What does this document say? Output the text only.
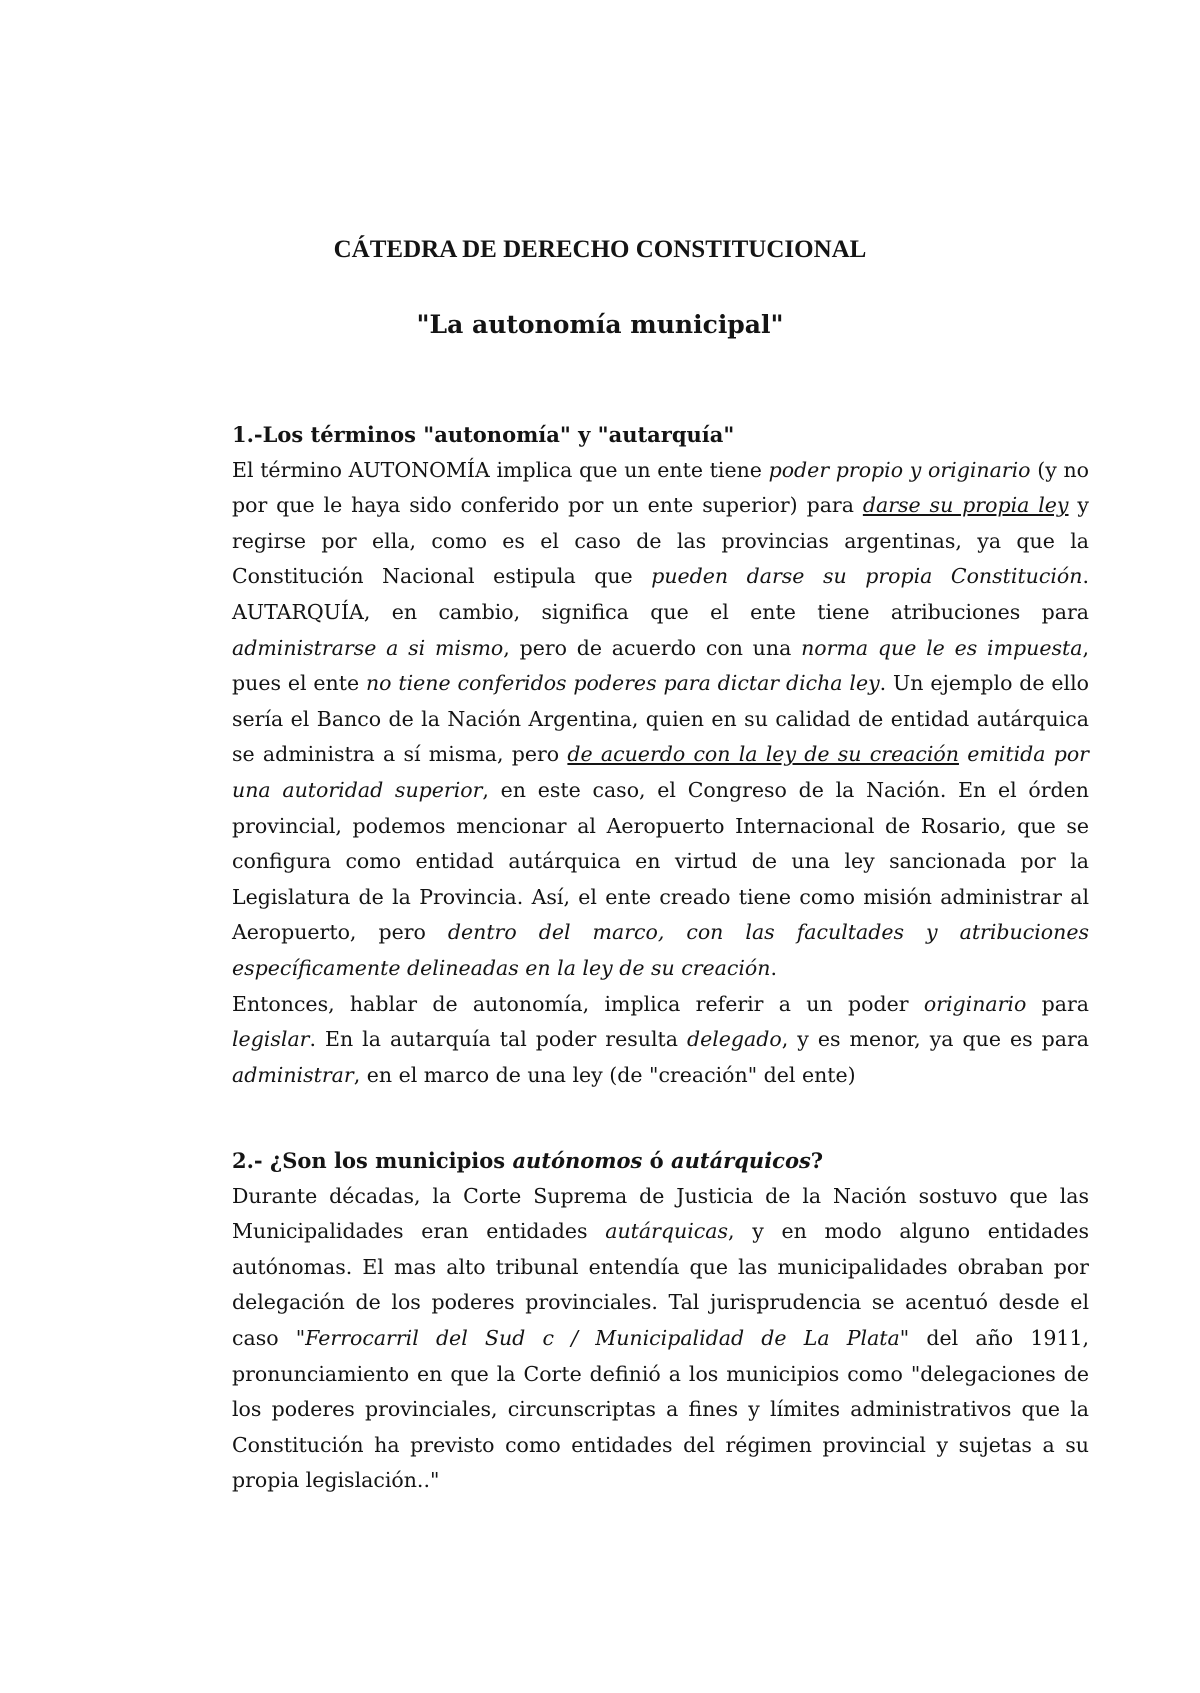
CÁTEDRA DE DERECHO CONSTITUCIONAL
"La autonomía municipal"

1.-Los términos "autonomía" y "autarquía"

El término AUTONOMÍA implica que un ente tiene poder propio y originario (y no por que le haya sido conferido por un ente superior) para darse su propia ley y regirse por ella, como es el caso de las provincias argentinas, ya que la Constitución Nacional estipula que pueden darse su propia Constitución. AUTARQUÍA, en cambio, significa que el ente tiene atribuciones para administrarse a si mismo, pero de acuerdo con una norma que le es impuesta, pues el ente no tiene conferidos poderes para dictar dicha ley. Un ejemplo de ello sería el Banco de la Nación Argentina, quien en su calidad de entidad autárquica se administra a sí misma, pero de acuerdo con la ley de su creación emitida por una autoridad superior, en este caso, el Congreso de la Nación. En el órden provincial, podemos mencionar al Aeropuerto Internacional de Rosario, que se configura como entidad autárquica en virtud de una ley sancionada por la Legislatura de la Provincia. Así, el ente creado tiene como misión administrar al Aeropuerto, pero dentro del marco, con las facultades y atribuciones específicamente delineadas en la ley de su creación.

Entonces, hablar de autonomía, implica referir a un poder originario para legislar. En la autarquía tal poder resulta delegado, y es menor, ya que es para administrar, en el marco de una ley (de "creación" del ente)

2.- ¿Son los municipios autónomos ó autárquicos?

Durante décadas, la Corte Suprema de Justicia de la Nación sostuvo que las Municipalidades eran entidades autárquicas, y en modo alguno entidades autónomas. El mas alto tribunal entendía que las municipalidades obraban por delegación de los poderes provinciales. Tal jurisprudencia se acentuó desde el caso "Ferrocarril del Sud c / Municipalidad de La Plata" del año 1911, pronunciamiento en que la Corte definió a los municipios como "delegaciones de los poderes provinciales, circunscriptas a fines y límites administrativos que la Constitución ha previsto como entidades del régimen provincial y sujetas a su propia legislación.."
